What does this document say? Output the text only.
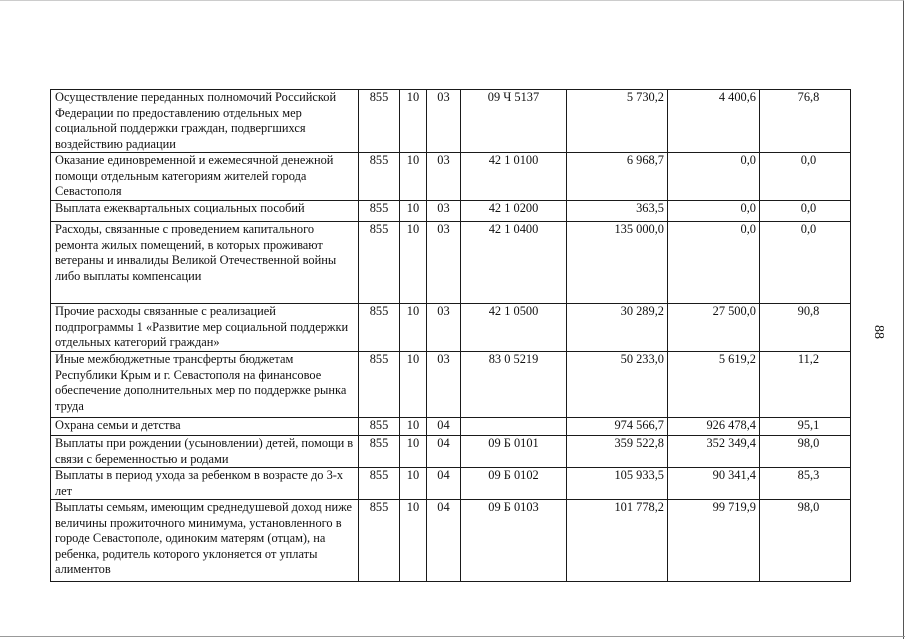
Осуществление переданных полномочий Российской Федерации по предоставлению отдельных мер социальной поддержки граждан, подвергшихся воздействию радиации	855	10	03	09 Ч 5137	5 730,2	4 400,6	76,8
Оказание единовременной и ежемесячной денежной помощи отдельным категориям жителей города Севастополя	855	10	03	42 1 0100	6 968,7	0,0	0,0
Выплата ежеквартальных социальных пособий	855	10	03	42 1 0200	363,5	0,0	0,0
Расходы, связанные с проведением капитального ремонта жилых помещений, в которых проживают ветераны и инвалиды Великой Отечественной войны либо выплаты компенсации	855	10	03	42 1 0400	135 000,0	0,0	0,0
Прочие расходы связанные с реализацией подпрограммы 1 «Развитие мер социальной поддержки отдельных категорий граждан»	855	10	03	42 1 0500	30 289,2	27 500,0	90,8
Иные межбюджетные трансферты бюджетам Республики Крым и г. Севастополя на финансовое обеспечение дополнительных мер по поддержке рынка труда	855	10	03	83 0 5219	50 233,0	5 619,2	11,2
Охрана семьи и детства	855	10	04		974 566,7	926 478,4	95,1
Выплаты при рождении (усыновлении) детей, помощи в связи с беременностью и родами	855	10	04	09 Б 0101	359 522,8	352 349,4	98,0
Выплаты в период ухода за ребенком в возрасте до 3-х лет	855	10	04	09 Б 0102	105 933,5	90 341,4	85,3
Выплаты семьям, имеющим среднедушевой доход ниже величины прожиточного минимума, установленного в городе Севастополе, одиноким матерям (отцам), на ребенка, родитель которого уклоняется от уплаты алиментов	855	10	04	09 Б 0103	101 778,2	99 719,9	98,0
88
